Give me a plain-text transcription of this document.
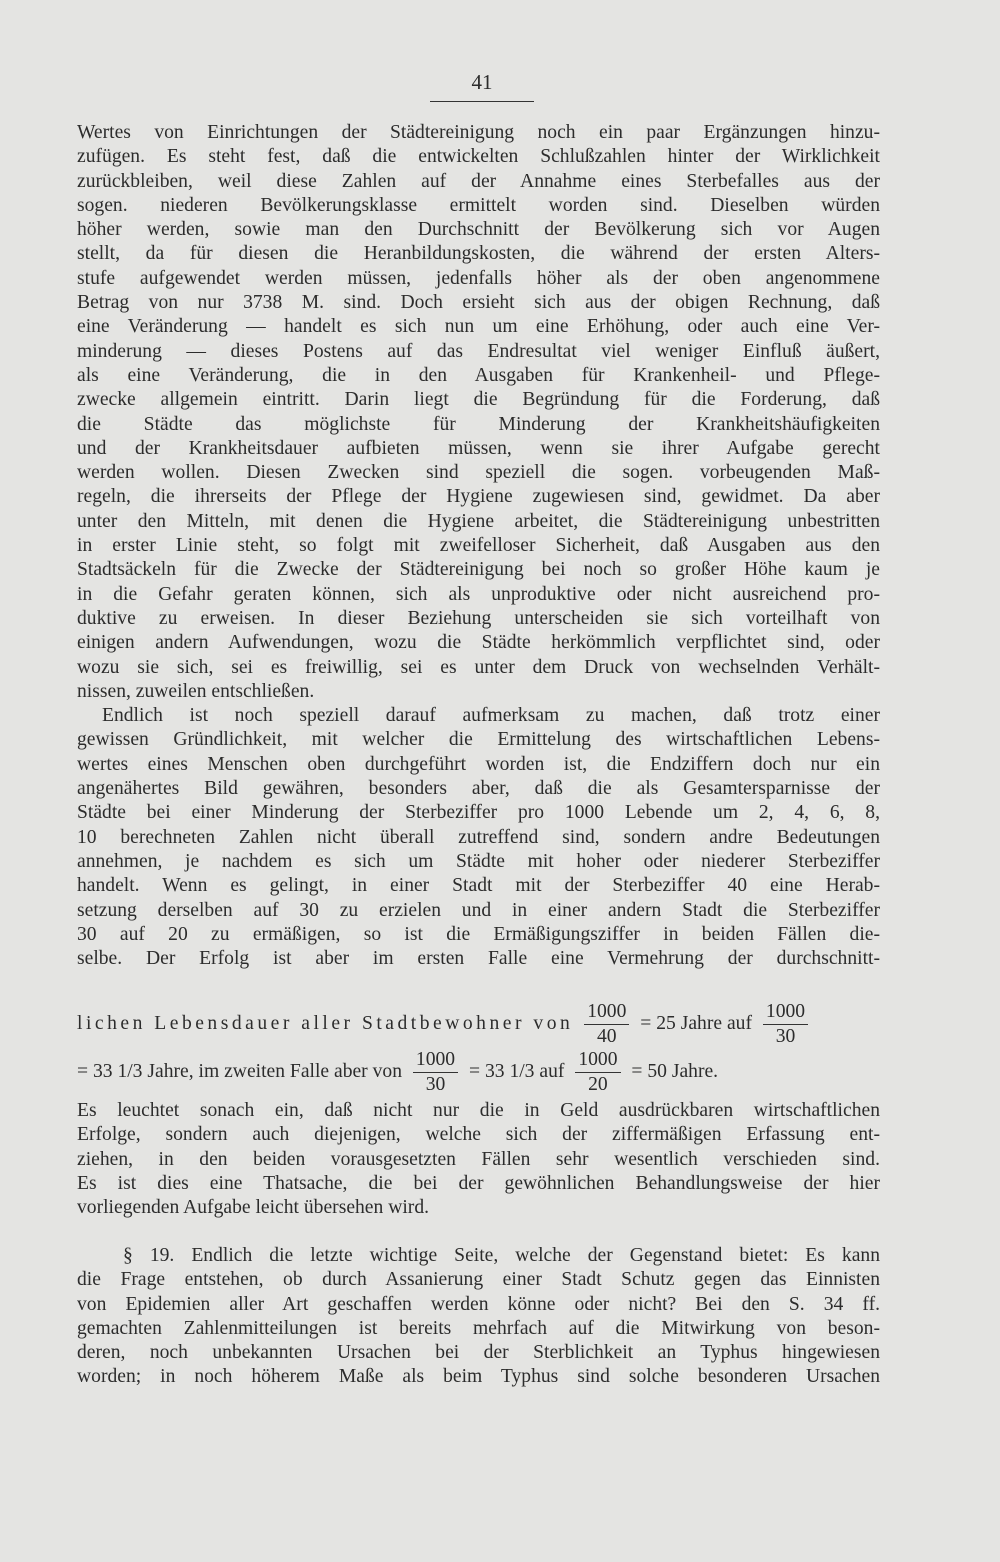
41
Wertes von Einrichtungen der Städtereinigung noch ein paar Ergänzungen hinzu-
zufügen. Es steht fest, daß die entwickelten Schlußzahlen hinter der Wirklichkeit
zurückbleiben, weil diese Zahlen auf der Annahme eines Sterbefalles aus der
sogen. niederen Bevölkerungsklasse ermittelt worden sind. Dieselben würden
höher werden, sowie man den Durchschnitt der Bevölkerung sich vor Augen
stellt, da für diesen die Heranbildungskosten, die während der ersten Alters-
stufe aufgewendet werden müssen, jedenfalls höher als der oben angenommene
Betrag von nur 3738 M. sind. Doch ersieht sich aus der obigen Rechnung, daß
eine Veränderung — handelt es sich nun um eine Erhöhung, oder auch eine Ver-
minderung — dieses Postens auf das Endresultat viel weniger Einfluß äußert,
als eine Veränderung, die in den Ausgaben für Krankenheil- und Pflege-
zwecke allgemein eintritt. Darin liegt die Begründung für die Forderung, daß
die Städte das möglichste für Minderung der Krankheitshäufigkeiten
und der Krankheitsdauer aufbieten müssen, wenn sie ihrer Aufgabe gerecht
werden wollen. Diesen Zwecken sind speziell die sogen. vorbeugenden Maß-
regeln, die ihrerseits der Pflege der Hygiene zugewiesen sind, gewidmet. Da aber
unter den Mitteln, mit denen die Hygiene arbeitet, die Städtereinigung unbestritten
in erster Linie steht, so folgt mit zweifelloser Sicherheit, daß Ausgaben aus den
Stadtsäckeln für die Zwecke der Städtereinigung bei noch so großer Höhe kaum je
in die Gefahr geraten können, sich als unproduktive oder nicht ausreichend pro-
duktive zu erweisen. In dieser Beziehung unterscheiden sie sich vorteilhaft von
einigen andern Aufwendungen, wozu die Städte herkömmlich verpflichtet sind, oder
wozu sie sich, sei es freiwillig, sei es unter dem Druck von wechselnden Verhält-
nissen, zuweilen entschließen.
Endlich ist noch speziell darauf aufmerksam zu machen, daß trotz einer
gewissen Gründlichkeit, mit welcher die Ermittelung des wirtschaftlichen Lebens-
wertes eines Menschen oben durchgeführt worden ist, die Endziffern doch nur ein
angenähertes Bild gewähren, besonders aber, daß die als Gesamtersparnisse der
Städte bei einer Minderung der Sterbeziffer pro 1000 Lebende um 2, 4, 6, 8,
10 berechneten Zahlen nicht überall zutreffend sind, sondern andre Bedeutungen
annehmen, je nachdem es sich um Städte mit hoher oder niederer Sterbeziffer
handelt. Wenn es gelingt, in einer Stadt mit der Sterbeziffer 40 eine Herab-
setzung derselben auf 30 zu erzielen und in einer andern Stadt die Sterbeziffer
30 auf 20 zu ermäßigen, so ist die Ermäßigungsziffer in beiden Fällen die-
selbe. Der Erfolg ist aber im ersten Falle eine Vermehrung der durchschnitt-
lichen Lebensdauer aller Stadtbewohner von $\frac{1000}{40} = 25$ Jahre auf $\frac{1000}{30}$
= 33 1/3 Jahre, im zweiten Falle aber von $\frac{1000}{30} = 33$ 1/3 auf $\frac{1000}{20} = 50$ Jahre.
Es leuchtet sonach ein, daß nicht nur die in Geld ausdrückbaren wirtschaftlichen
Erfolge, sondern auch diejenigen, welche sich der ziffermäßigen Erfassung ent-
ziehen, in den beiden vorausgesetzten Fällen sehr wesentlich verschieden sind.
Es ist dies eine Thatsache, die bei der gewöhnlichen Behandlungsweise der hier
vorliegenden Aufgabe leicht übersehen wird.
§ 19. Endlich die letzte wichtige Seite, welche der Gegenstand bietet: Es kann
die Frage entstehen, ob durch Assanierung einer Stadt Schutz gegen das Einnisten
von Epidemien aller Art geschaffen werden könne oder nicht? Bei den S. 34 ff.
gemachten Zahlenmitteilungen ist bereits mehrfach auf die Mitwirkung von beson-
deren, noch unbekannten Ursachen bei der Sterblichkeit an Typhus hingewiesen
worden; in noch höherem Maße als beim Typhus sind solche besonderen Ursachen
